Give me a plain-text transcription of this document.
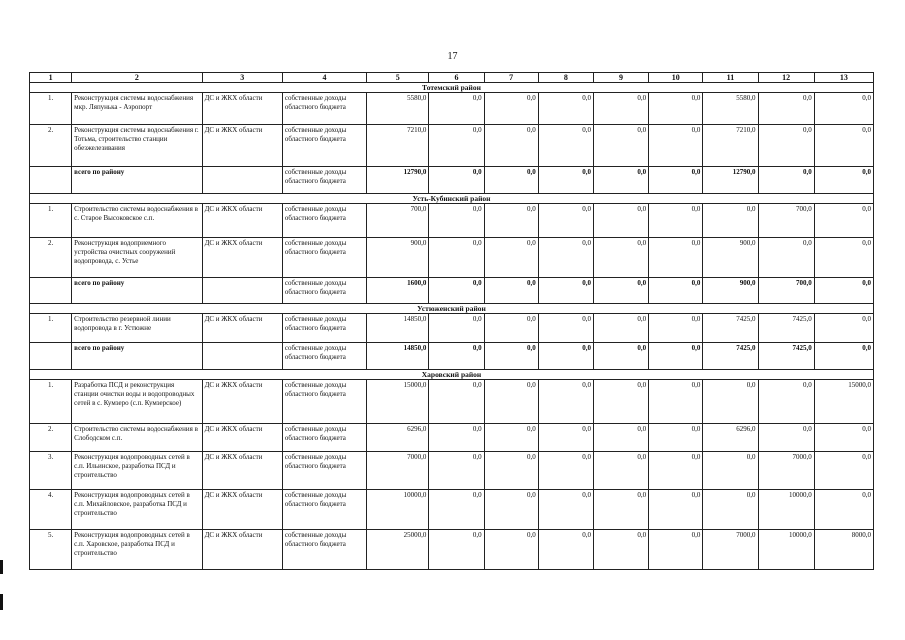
17
1	2	3	4	5	6	7	8	9	10	11	12	13
Тотемский район												
1.	Реконструкция системы водоснабжения мкр. Ляпунька - Аэропорт	ДС и ЖКХ области	собственные доходы областного бюджета	5580,0	0,0	0,0	0,0	0,0	0,0	5580,0	0,0	0,0
2.	Реконструкция системы водоснабжения г. Тотьма, строительство станции обезжелезивания	ДС и ЖКХ области	собственные доходы областного бюджета	7210,0	0,0	0,0	0,0	0,0	0,0	7210,0	0,0	0,0
	всего по району		собственные доходы областного бюджета	12790,0	0,0	0,0	0,0	0,0	0,0	12790,0	0,0	0,0
Усть-Кубинский район												
1.	Строительство системы водоснабжения в с. Старое Высоковское с.п.	ДС и ЖКХ области	собственные доходы областного бюджета	700,0	0,0	0,0	0,0	0,0	0,0	0,0	700,0	0,0
2.	Реконструкция водоприемного устройства очистных сооружений водопровода, с. Устье	ДС и ЖКХ области	собственные доходы областного бюджета	900,0	0,0	0,0	0,0	0,0	0,0	900,0	0,0	0,0
	всего по району		собственные доходы областного бюджета	1600,0	0,0	0,0	0,0	0,0	0,0	900,0	700,0	0,0
Устюженский район												
1.	Строительство резервной линии водопровода в г. Устюжне	ДС и ЖКХ области	собственные доходы областного бюджета	14850,0	0,0	0,0	0,0	0,0	0,0	7425,0	7425,0	0,0
	всего по району		собственные доходы областного бюджета	14850,0	0,0	0,0	0,0	0,0	0,0	7425,0	7425,0	0,0
Харовский район												
1.	Разработка ПСД и реконструкция станции очистки воды и водопроводных сетей в с. Кумзеро (с.п. Кумзерское)	ДС и ЖКХ области	собственные доходы областного бюджета	15000,0	0,0	0,0	0,0	0,0	0,0	0,0	0,0	15000,0
2.	Строительство системы водоснабжения в Слободском с.п.	ДС и ЖКХ области	собственные доходы областного бюджета	6296,0	0,0	0,0	0,0	0,0	0,0	6296,0	0,0	0,0
3.	Реконструкция водопроводных сетей в с.п. Ильинское, разработка ПСД и строительство	ДС и ЖКХ области	собственные доходы областного бюджета	7000,0	0,0	0,0	0,0	0,0	0,0	0,0	7000,0	0,0
4.	Реконструкция водопроводных сетей в с.п. Михайловское, разработка ПСД и строительство	ДС и ЖКХ области	собственные доходы областного бюджета	10000,0	0,0	0,0	0,0	0,0	0,0	0,0	10000,0	0,0
5.	Реконструкция водопроводных сетей в с.п. Харовское, разработка ПСД и строительство	ДС и ЖКХ области	собственные доходы областного бюджета	25000,0	0,0	0,0	0,0	0,0	0,0	7000,0	10000,0	8000,0
